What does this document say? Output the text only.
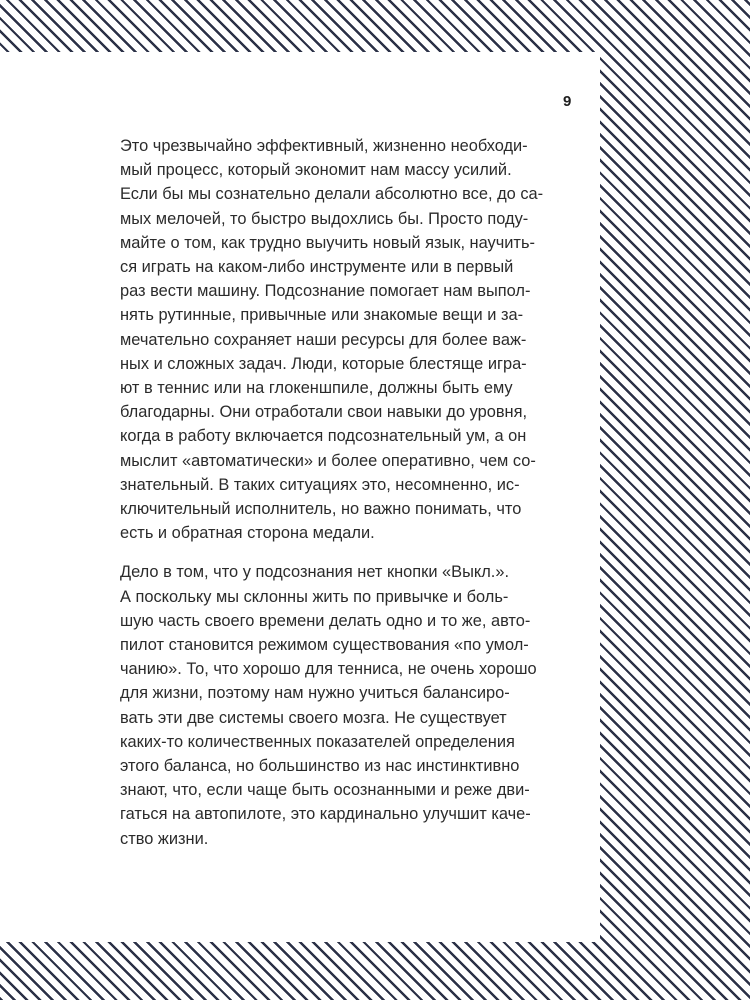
9

Это чрезвычайно эффективный, жизненно необходи-
мый процесс, который экономит нам массу усилий.
Если бы мы сознательно делали абсолютно все, до са-
мых мелочей, то быстро выдохлись бы. Просто поду-
майте о том, как трудно выучить новый язык, научить-
ся играть на каком-либо инструменте или в первый
раз вести машину. Подсознание помогает нам выпол-
нять рутинные, привычные или знакомые вещи и за-
мечательно сохраняет наши ресурсы для более важ-
ных и сложных задач. Люди, которые блестяще игра-
ют в теннис или на глокеншпиле, должны быть ему
благодарны. Они отработали свои навыки до уровня,
когда в работу включается подсознательный ум, а он
мыслит «автоматически» и более оперативно, чем со-
знательный. В таких ситуациях это, несомненно, ис-
ключительный исполнитель, но важно понимать, что
есть и обратная сторона медали.

Дело в том, что у подсознания нет кнопки «Выкл.».
А поскольку мы склонны жить по привычке и боль-
шую часть своего времени делать одно и то же, авто-
пилот становится режимом существования «по умол-
чанию». То, что хорошо для тенниса, не очень хорошо
для жизни, поэтому нам нужно учиться балансиро-
вать эти две системы своего мозга. Не существует
каких-то количественных показателей определения
этого баланса, но большинство из нас инстинктивно
знают, что, если чаще быть осознанными и реже дви-
гаться на автопилоте, это кардинально улучшит каче-
ство жизни.
